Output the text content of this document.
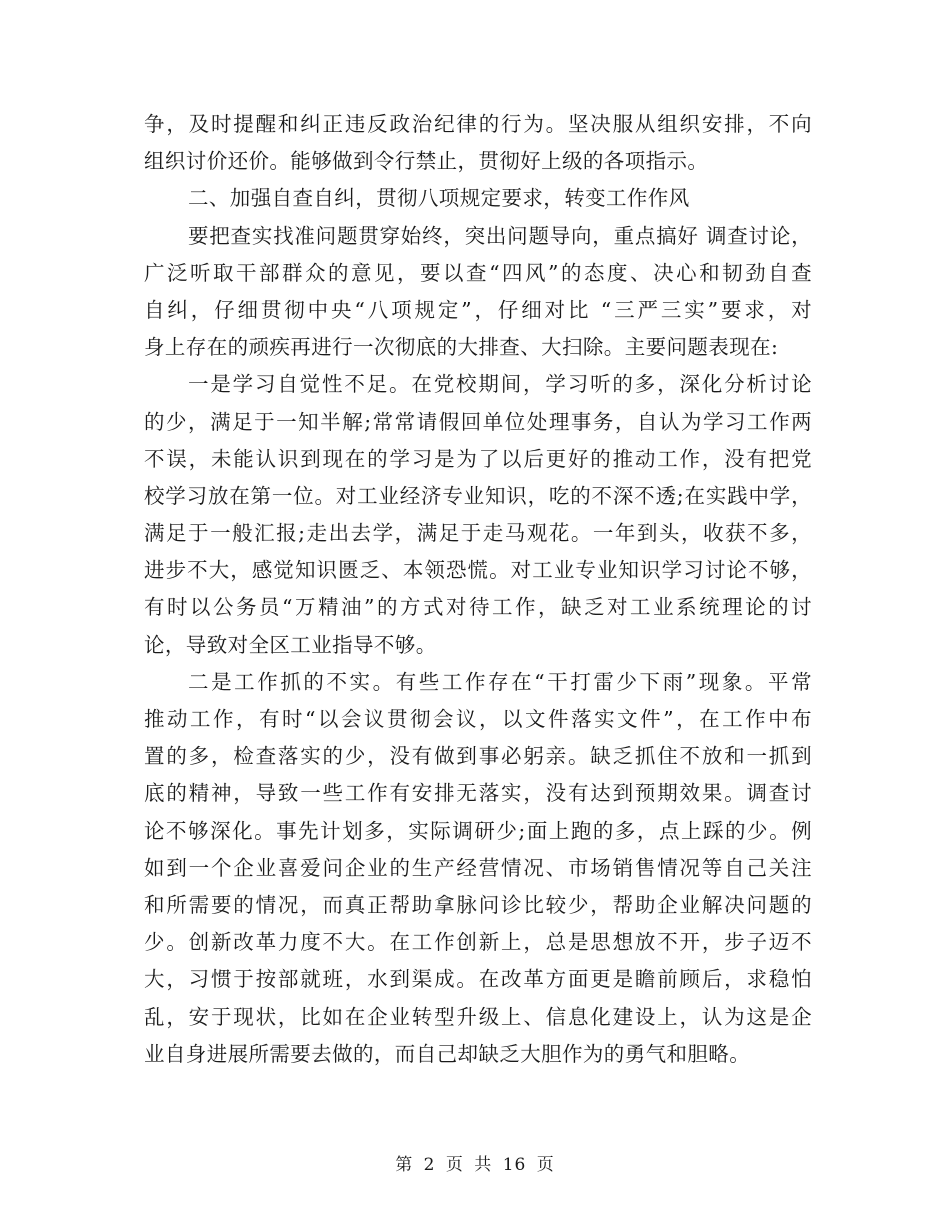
争，及时提醒和纠正违反政治纪律的行为。坚决服从组织安排，不向
组织讨价还价。能够做到令行禁止，贯彻好上级的各项指示。
二、加强自查自纠，贯彻八项规定要求，转变工作作风
要把查实找准问题贯穿始终，突出问题导向，重点搞好 调查讨论，
广泛听取干部群众的意见，要以查“四风”的态度、决心和韧劲自查
自纠，仔细贯彻中央“八项规定”，仔细对比 “三严三实”要求，对
身上存在的顽疾再进行一次彻底的大排查、大扫除。主要问题表现在:
一是学习自觉性不足。在党校期间，学习听的多，深化分析讨论
的少，满足于一知半解;常常请假回单位处理事务，自认为学习工作两
不误，未能认识到现在的学习是为了以后更好的推动工作，没有把党
校学习放在第一位。对工业经济专业知识，吃的不深不透;在实践中学，
满足于一般汇报;走出去学，满足于走马观花。一年到头，收获不多，
进步不大，感觉知识匮乏、本领恐慌。对工业专业知识学习讨论不够，
有时以公务员“万精油”的方式对待工作，缺乏对工业系统理论的讨
论，导致对全区工业指导不够。
二是工作抓的不实。有些工作存在“干打雷少下雨”现象。平常
推动工作，有时“以会议贯彻会议，以文件落实文件”，在工作中布
置的多，检查落实的少，没有做到事必躬亲。缺乏抓住不放和一抓到
底的精神，导致一些工作有安排无落实，没有达到预期效果。调查讨
论不够深化。事先计划多，实际调研少;面上跑的多，点上踩的少。例
如到一个企业喜爱问企业的生产经营情况、市场销售情况等自己关注
和所需要的情况，而真正帮助拿脉问诊比较少，帮助企业解决问题的
少。创新改革力度不大。在工作创新上，总是思想放不开，步子迈不
大，习惯于按部就班，水到渠成。在改革方面更是瞻前顾后，求稳怕
乱，安于现状，比如在企业转型升级上、信息化建设上，认为这是企
业自身进展所需要去做的，而自己却缺乏大胆作为的勇气和胆略。
第 2 页 共 16 页
